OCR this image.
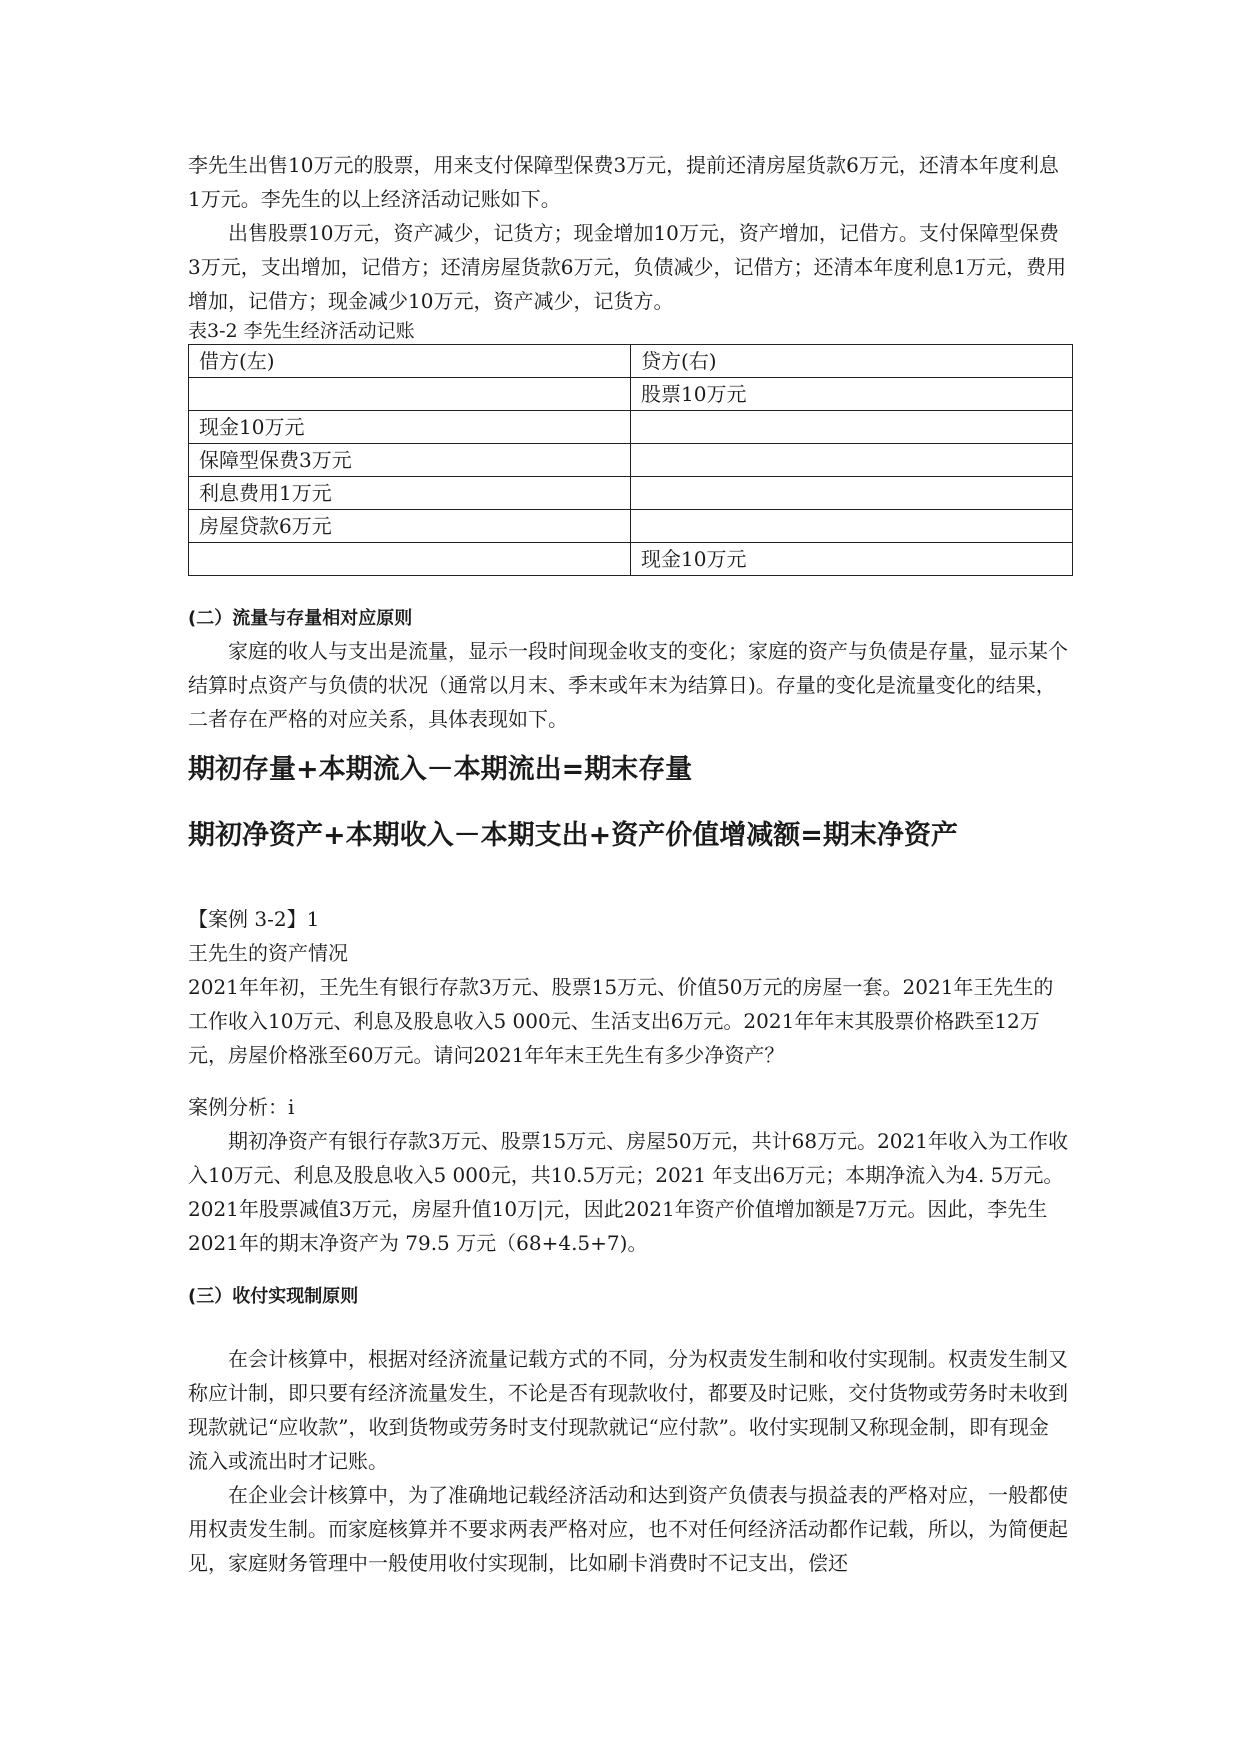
李先生出售10万元的股票，用来支付保障型保费3万元，提前还清房屋货款6万元，还清本年度利息1万元。李先生的以上经济活动记账如下。

出售股票10万元，资产减少，记货方；现金增加10万元，资产增加，记借方。支付保障型保费3万元，支出增加，记借方；还清房屋货款6万元，负债减少，记借方；还清本年度利息1万元，费用增加，记借方；现金减少10万元，资产减少，记货方。

表3-2 李先生经济活动记账

借方(左)	贷方(右)
	股票10万元
现金10万元	
保障型保费3万元	
利息费用1万元	
房屋贷款6万元	
	现金10万元

(二）流量与存量相对应原则

家庭的收人与支出是流量，显示一段时间现金收支的变化；家庭的资产与负债是存量，显示某个结算时点资产与负债的状况（通常以月末、季末或年末为结算日)。存量的变化是流量变化的结果，二者存在严格的对应关系，具体表现如下。

期初存量+本期流入－本期流出=期末存量

期初净资产+本期收入－本期支出+资产价值增减额=期末净资产

【案例 3-2】1

王先生的资产情况

2021年年初，王先生有银行存款3万元、股票15万元、价值50万元的房屋一套。2021年王先生的工作收入10万元、利息及股息收入5 000元、生活支出6万元。2021年年末其股票价格跌至12万元，房屋价格涨至60万元。请问2021年年末王先生有多少净资产？

案例分析：i

期初净资产有银行存款3万元、股票15万元、房屋50万元，共计68万元。2021年收入为工作收入10万元、利息及股息收入5 000元，共10.5万元；2021 年支出6万元；本期净流入为4. 5万元。2021年股票减值3万元，房屋升值10万|元，因此2021年资产价值增加额是7万元。因此，李先生2021年的期末净资产为 79.5 万元（68+4.5+7)。

(三）收付实现制原则

在会计核算中，根据对经济流量记载方式的不同，分为权责发生制和收付实现制。权责发生制又称应计制，即只要有经济流量发生，不论是否有现款收付，都要及时记账，交付货物或劳务时未收到现款就记“应收款”，收到货物或劳务时支付现款就记“应付款”。收付实现制又称现金制，即有现金流入或流出时才记账。

在企业会计核算中，为了准确地记载经济活动和达到资产负债表与损益表的严格对应，一般都使用权责发生制。而家庭核算并不要求两表严格对应，也不对任何经济活动都作记载，所以，为简便起见，家庭财务管理中一般使用收付实现制，比如刷卡消费时不记支出，偿还
